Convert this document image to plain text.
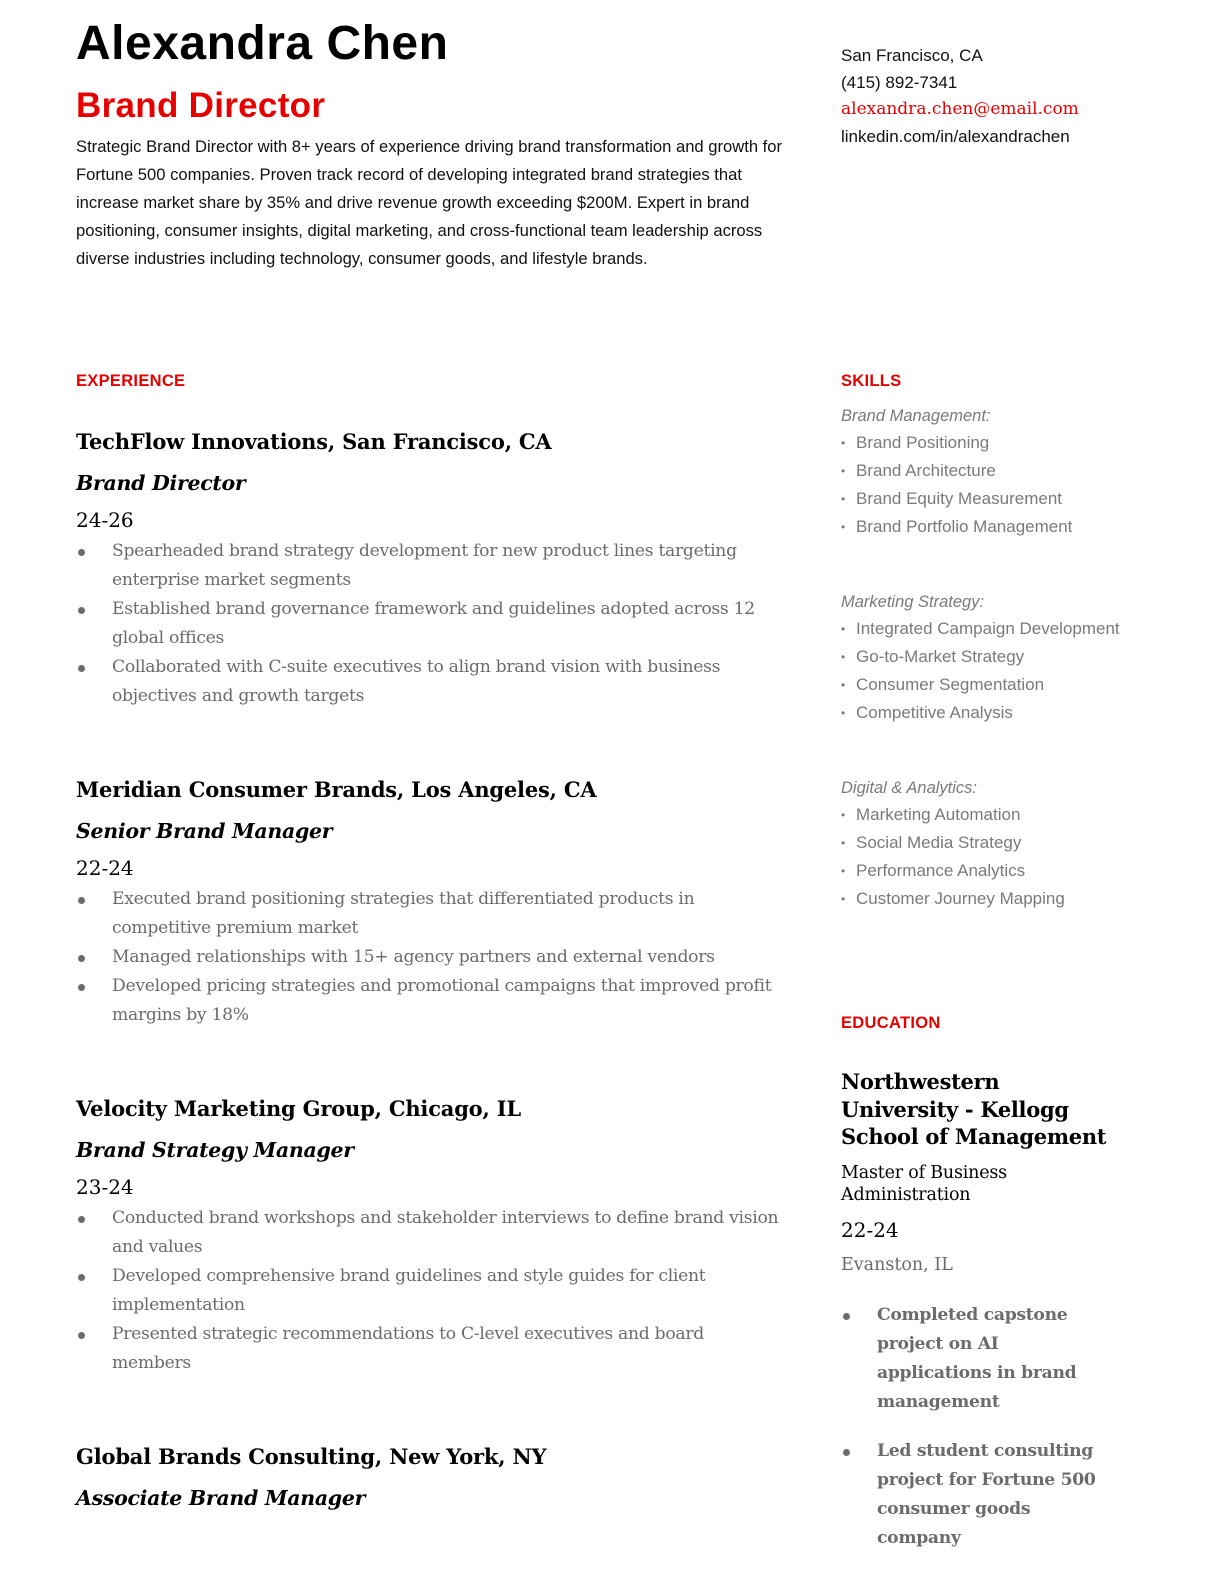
Alexandra Chen
Brand Director
Strategic Brand Director with 8+ years of experience driving brand transformation and growth for Fortune 500 companies. Proven track record of developing integrated brand strategies that increase market share by 35% and drive revenue growth exceeding $200M. Expert in brand positioning, consumer insights, digital marketing, and cross-functional team leadership across diverse industries including technology, consumer goods, and lifestyle brands.
San Francisco, CA
(415) 892-7341
alexandra.chen@email.com
linkedin.com/in/alexandrachen
EXPERIENCE
TechFlow Innovations, San Francisco, CA
Brand Director
24-26
Spearheaded brand strategy development for new product lines targeting enterprise market segments
Established brand governance framework and guidelines adopted across 12 global offices
Collaborated with C-suite executives to align brand vision with business objectives and growth targets
Meridian Consumer Brands, Los Angeles, CA
Senior Brand Manager
22-24
Executed brand positioning strategies that differentiated products in competitive premium market
Managed relationships with 15+ agency partners and external vendors
Developed pricing strategies and promotional campaigns that improved profit margins by 18%
Velocity Marketing Group, Chicago, IL
Brand Strategy Manager
23-24
Conducted brand workshops and stakeholder interviews to define brand vision and values
Developed comprehensive brand guidelines and style guides for client implementation
Presented strategic recommendations to C-level executives and board members
Global Brands Consulting, New York, NY
Associate Brand Manager
SKILLS
Brand Management:
• Brand Positioning
• Brand Architecture
• Brand Equity Measurement
• Brand Portfolio Management
Marketing Strategy:
• Integrated Campaign Development
• Go-to-Market Strategy
• Consumer Segmentation
• Competitive Analysis
Digital & Analytics:
• Marketing Automation
• Social Media Strategy
• Performance Analytics
• Customer Journey Mapping
EDUCATION
Northwestern University - Kellogg School of Management
Master of Business Administration
22-24
Evanston, IL
Completed capstone project on AI applications in brand management
Led student consulting project for Fortune 500 consumer goods company
